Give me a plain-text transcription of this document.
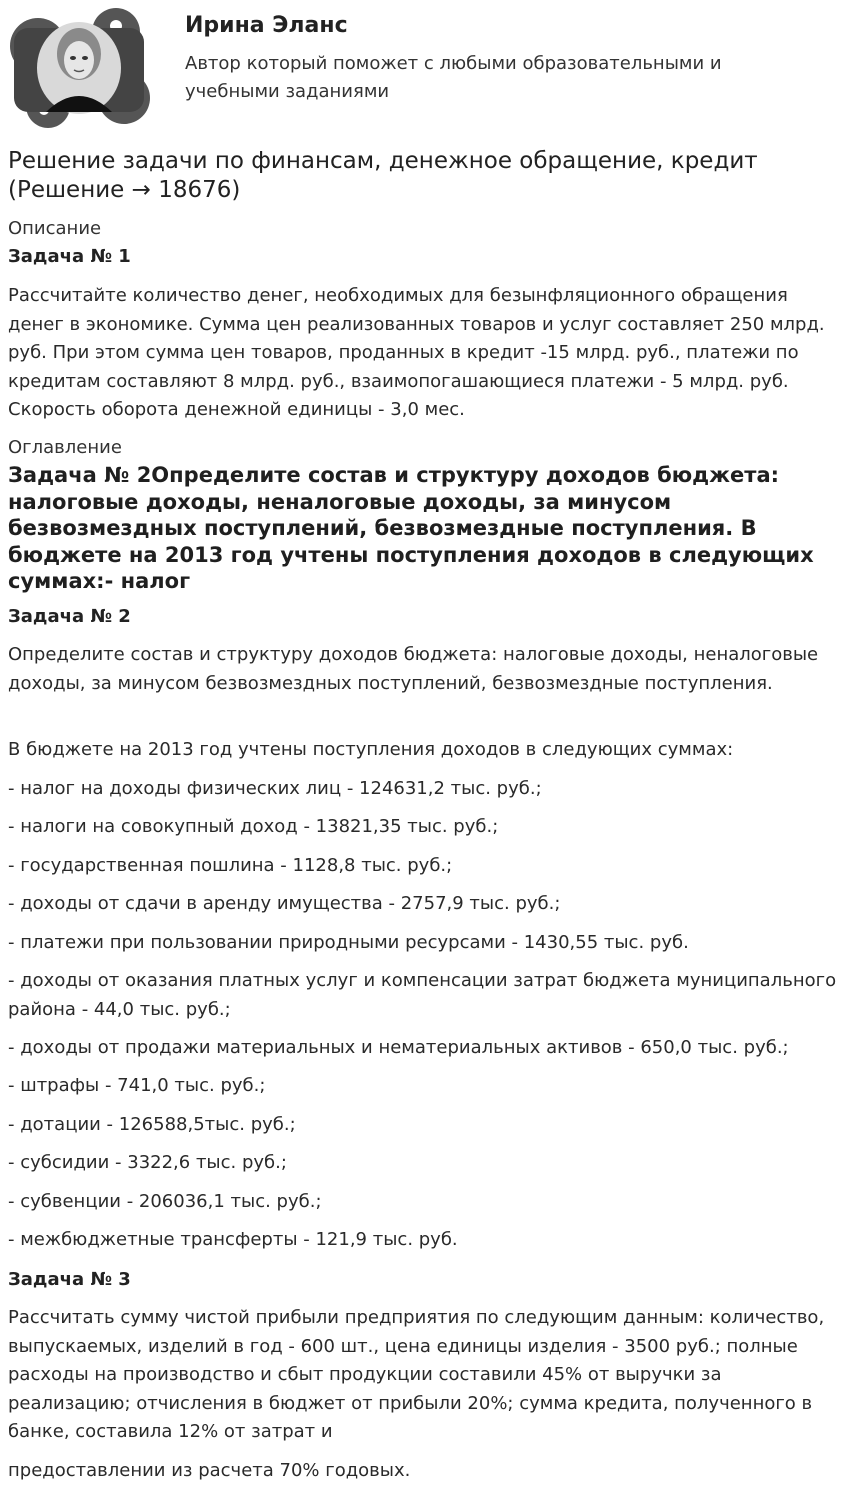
Ирина Эланс
Автор который поможет с любыми образовательными и учебными заданиями
Решение задачи по финансам, денежное обращение, кредит (Решение → 18676)
Описание
Задача № 1
Рассчитайте количество денег, необходимых для безынфляционного обращения денег в экономике. Сумма цен реализованных товаров и услуг составляет 250 млрд. руб. При этом сумма цен товаров, проданных в кредит -15 млрд. руб., платежи по кредитам составляют 8 млрд. руб., взаимопогашающиеся платежи - 5 млрд. руб. Скорость оборота денежной единицы - 3,0 мес.
Оглавление
Задача № 2Определите состав и структуру доходов бюджета: налоговые доходы, неналоговые доходы, за минусом безвозмездных поступлений, безвозмездные поступления. В бюджете на 2013 год учтены поступления доходов в следующих суммах:- налог
Задача № 2
Определите состав и структуру доходов бюджета: налоговые доходы, неналоговые доходы, за минусом безвозмездных поступлений, безвозмездные поступления.
В бюджете на 2013 год учтены поступления доходов в следующих суммах:
- налог на доходы физических лиц - 124631,2 тыс. руб.;
- налоги на совокупный доход - 13821,35 тыс. руб.;
- государственная пошлина - 1128,8 тыс. руб.;
- доходы от сдачи в аренду имущества - 2757,9 тыс. руб.;
- платежи при пользовании природными ресурсами - 1430,55 тыс. руб.
- доходы от оказания платных услуг и компенсации затрат бюджета муниципального района - 44,0 тыс. руб.;
- доходы от продажи материальных и нематериальных активов - 650,0 тыс. руб.;
- штрафы - 741,0 тыс. руб.;
- дотации - 126588,5тыс. руб.;
- субсидии - 3322,6 тыс. руб.;
- субвенции - 206036,1 тыс. руб.;
- межбюджетные трансферты - 121,9 тыс. руб.
Задача № 3
Рассчитать сумму чистой прибыли предприятия по следующим данным: количество, выпускаемых, изделий в год - 600 шт., цена единицы изделия - 3500 руб.; полные расходы на производство и сбыт продукции составили 45% от выручки за реализацию; отчисления в бюджет от прибыли 20%; сумма кредита, полученного в банке, составила 12% от затрат и
предоставлении из расчета 70% годовых.
